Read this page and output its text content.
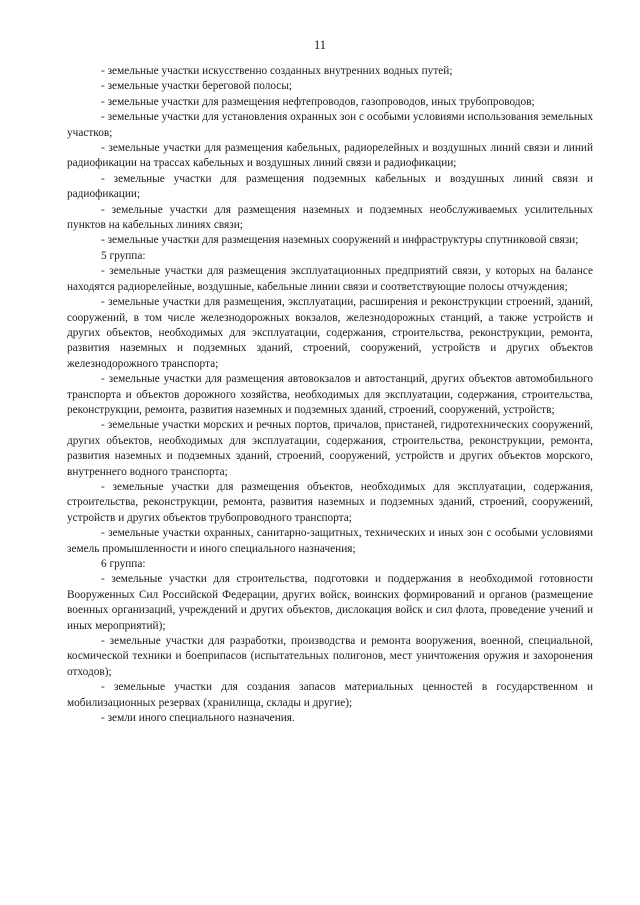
11

- земельные участки искусственно созданных внутренних водных путей;

- земельные участки береговой полосы;

- земельные участки для размещения нефтепроводов, газопроводов, иных трубопроводов;

- земельные участки для установления охранных зон с особыми условиями использования земельных участков;

- земельные участки для размещения кабельных, радиорелейных и воздушных линий связи и линий радиофикации на трассах кабельных и воздушных линий связи и радиофикации;

- земельные участки для размещения подземных кабельных и воздушных линий связи и радиофикации;

- земельные участки для размещения наземных и подземных необслуживаемых усилительных пунктов на кабельных линиях связи;

- земельные участки для размещения наземных сооружений и инфраструктуры спутниковой связи;

5 группа:

- земельные участки для размещения эксплуатационных предприятий связи, у которых на балансе находятся радиорелейные, воздушные, кабельные линии связи и соответствующие полосы отчуждения;

- земельные участки для размещения, эксплуатации, расширения и реконструкции строений, зданий, сооружений, в том числе железнодорожных вокзалов, железнодорожных станций, а также устройств и других объектов, необходимых для эксплуатации, содержания, строительства, реконструкции, ремонта, развития наземных и подземных зданий, строений, сооружений, устройств и других объектов железнодорожного транспорта;

- земельные участки для размещения автовокзалов и автостанций, других объектов автомобильного транспорта и объектов дорожного хозяйства, необходимых для эксплуатации, содержания, строительства, реконструкции, ремонта, развития наземных и подземных зданий, строений, сооружений, устройств;

- земельные участки морских и речных портов, причалов, пристаней, гидротехнических сооружений, других объектов, необходимых для эксплуатации, содержания, строительства, реконструкции, ремонта, развития наземных и подземных зданий, строений, сооружений, устройств и других объектов морского, внутреннего водного транспорта;

- земельные участки для размещения объектов, необходимых для эксплуатации, содержания, строительства, реконструкции, ремонта, развития наземных и подземных зданий, строений, сооружений, устройств и других объектов трубопроводного транспорта;

- земельные участки охранных, санитарно-защитных, технических и иных зон с особыми условиями земель промышленности и иного специального назначения;

6 группа:

- земельные участки для строительства, подготовки и поддержания в необходимой готовности Вооруженных Сил Российской Федерации, других войск, воинских формирований и органов (размещение военных организаций, учреждений и других объектов, дислокация войск и сил флота, проведение учений и иных мероприятий);

- земельные участки для разработки, производства и ремонта вооружения, военной, специальной, космической техники и боеприпасов (испытательных полигонов, мест уничтожения оружия и захоронения отходов);

- земельные участки для создания запасов материальных ценностей в государственном и мобилизационных резервах (хранилища, склады и другие);

- земли иного специального назначения.
